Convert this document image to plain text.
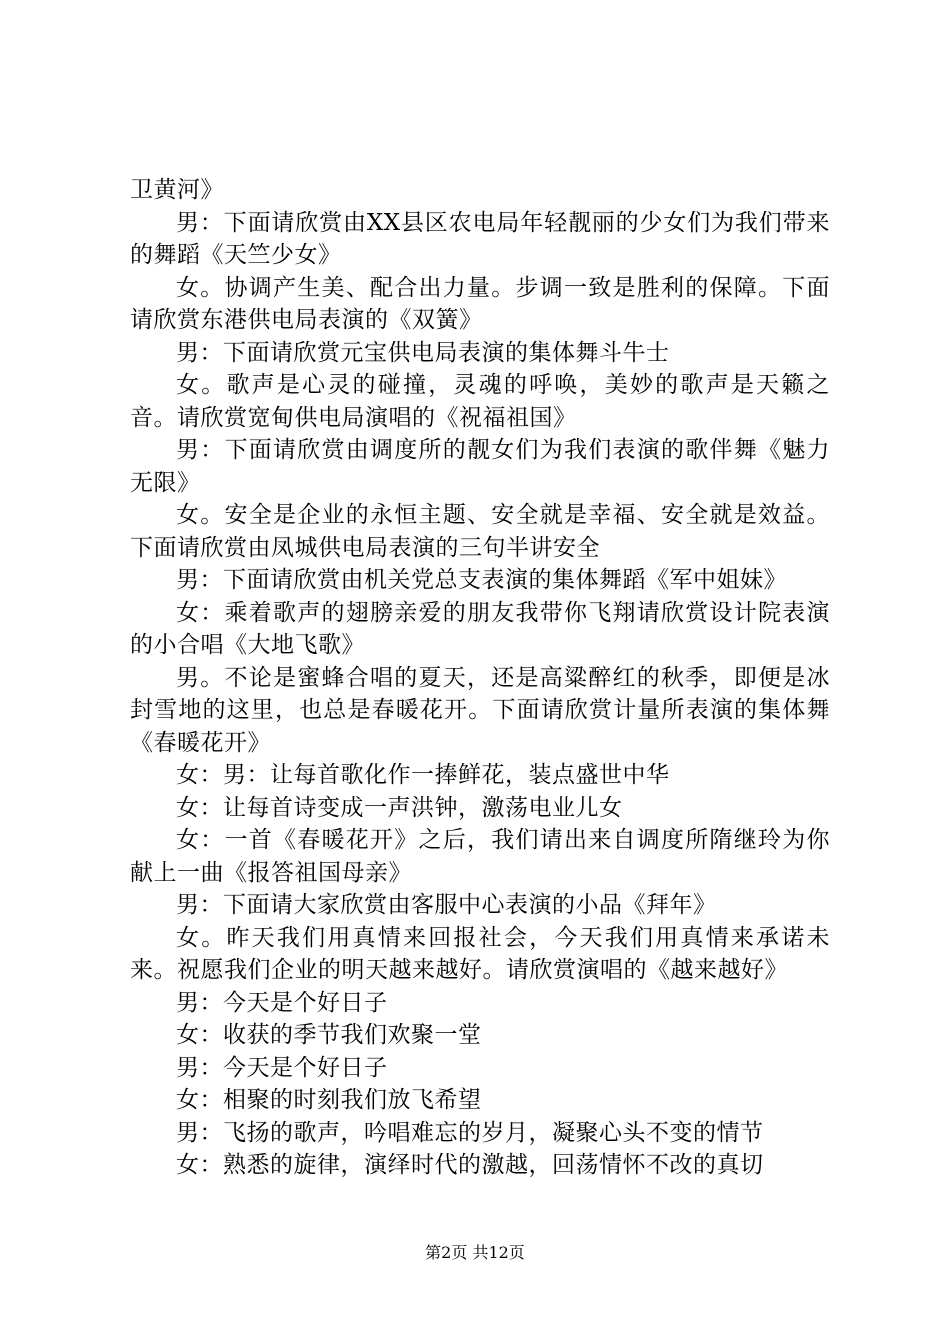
卫黄河》

男：下面请欣赏由XX县区农电局年轻靓丽的少女们为我们带来的舞蹈《天竺少女》

女。协调产生美、配合出力量。步调一致是胜利的保障。下面请欣赏东港供电局表演的《双簧》

男：下面请欣赏元宝供电局表演的集体舞斗牛士

女。歌声是心灵的碰撞，灵魂的呼唤，美妙的歌声是天籁之音。请欣赏宽甸供电局演唱的《祝福祖国》

男：下面请欣赏由调度所的靓女们为我们表演的歌伴舞《魅力无限》

女。安全是企业的永恒主题、安全就是幸福、安全就是效益。下面请欣赏由凤城供电局表演的三句半讲安全

男：下面请欣赏由机关党总支表演的集体舞蹈《军中姐妹》

女：乘着歌声的翅膀亲爱的朋友我带你飞翔请欣赏设计院表演的小合唱《大地飞歌》

男。不论是蜜蜂合唱的夏天，还是高粱醉红的秋季，即便是冰封雪地的这里，也总是春暖花开。下面请欣赏计量所表演的集体舞《春暖花开》

女：男：让每首歌化作一捧鲜花，装点盛世中华

女：让每首诗变成一声洪钟，激荡电业儿女

女：一首《春暖花开》之后，我们请出来自调度所隋继玲为你献上一曲《报答祖国母亲》

男：下面请大家欣赏由客服中心表演的小品《拜年》

女。昨天我们用真情来回报社会，今天我们用真情来承诺未来。祝愿我们企业的明天越来越好。请欣赏演唱的《越来越好》

男：今天是个好日子

女：收获的季节我们欢聚一堂

男：今天是个好日子

女：相聚的时刻我们放飞希望

男：飞扬的歌声，吟唱难忘的岁月，凝聚心头不变的情节

女：熟悉的旋律，演绎时代的激越，回荡情怀不改的真切

第2页 共12页
